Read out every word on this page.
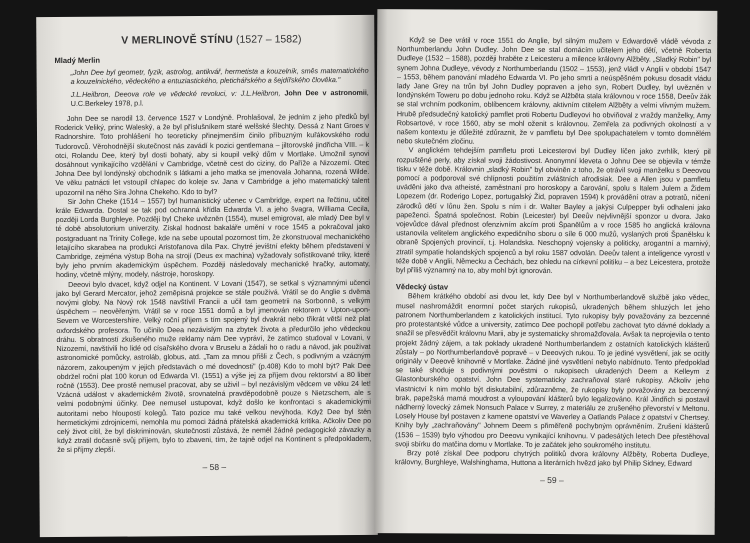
V MERLINOVĚ STÍNU (1527 – 1582)

Mladý Merlin

„John Dee byl geometr, fyzik, astrolog, antikvář, hermetista a kouzelník, směs matematického a kouzelnického, vědeckého a entuziastického, pletichářského a šejdířského člověka."

J.L.Heilbron, Deeova role ve vědecké revoluci, v: J.L.Heilbron, John Dee v astronomii, U.C.Berkeley 1978, p.l.

John Dee se narodil 13. července 1527 v Londýně. Prohlašoval, že jedním z jeho předků byl Roderick Veliký, princ Waleský, a že byl příslušníkem staré welšské šlechty. Dessá z Nant Groes v Radnorshire. Toto prohlášení ho teoreticky přinejmenším činilo příbuzným kuřákovského rodu Tudorovců. Věrohodnější skutečnost nás zavádí k pozici gentlemana – jiltorovské jindřicha VIII. – k otci, Rolandu Dee, který byl dosti bohatý, aby si koupil velký dům v Mortlake. Umožnil synovi dosáhnout vynikajícího vzdělání v Cambridge, včetně cest do ciziny, do Paříže a Nizozemí. Otec Johna Dee byl londýnský obchodník s látkami a jeho matka se jmenovala Johanna, rozená Wilde. Ve věku patnácti let vstoupil chlapec do koleje sv. Jana v Cambridge a jeho matematický talent upozornil na něho Sira Johna Chekeho. Kdo to byl?

Sir John Cheke (1514 – 1557) byl humanistický učenec v Cambridge, expert na řečtinu, učitel krále Edwarda. Dostal se tak pod ochranná křídla Edwarda VI. a jeho švagra, Williama Cecila, později Lorda Burghleye. Později byl Cheke uvězněn (1554), musel emigrovat, ale mladý Dee byl v té době absolutorium univerzity. Získal hodnost bakaláře umění v roce 1545 a pokračoval jako postgraduant na Trinity College, kde na sebe upoutal pozornost tím, že zkonstruoval mechanického letajícího skarabea na produkci Aristofanova díla Pax. Chytré jevištní efekty během představení v Cambridge, zejména výstup Boha na strojí (Deus ex machina) vyžadovaly sofistikované triky, které byly jeho prvním akademickým úspěchem. Později následovaly mechanické hračky, automaty, hodiny, včetně mlýny, modely, nástroje, horoskopy.

Deeovi bylo dvacet, když odjel na Kontinent. V Lovani (1547), se setkal s významnými učenci jako byl Gerard Mercator, jehož zeměpisná projekce se stále používá. Vrátil se do Anglie s dvěma novými globy. Na Nový rok 1548 navštívil Francii a učil tam geometrii na Sorbonně, s velkým úspěchem – neověřeným. Vrátil se v roce 1551 domů a byl jmenován rektorem v Upton-upon-Severn ve Worcestershire. Velký roční příjem s tím spojený byl dvakrát nebo třikrát větší než plat oxfordského profesora. To učinilo Deea nezávislým na zbytek života a předurčilo jeho vědeckou dráhu. S obratností zkušeného muže reklamy nám Dee vypráví, že zatímco studoval v Lovani, v Nizozemí, navštívili ho lidé od císařského dvora v Bruselu a žádali ho o radu a návod, jak používat astronomické pomůcky, astroláb, globus, atd. „Tam za mnou přišli z Čech, s podivným a vzácným názorem, zakoupeným v jejich představách o mé dovednosti" (p.408) Kdo to mohl být? Pak Dee obdržel roční plat 100 korun od Edwarda VI. (1551) a výše jej za příjem dvou rektorství a 80 liber ročně (1553). Dee prostě nemusel pracovat, aby se uživil – byl nezávislým vědcem ve věku 24 let! Vzácná událost v akademickém životě, srovnatelná pravděpodobně pouze s Nietzschem, ale s velmi podobnými účinky. Dee nemusel ustupovat, když došlo ke konfrontaci s akademickými autoritami nebo hloupostí kolegů. Tato pozice mu také velkou nevýhoda. Když Dee byl štěn hermetickými zdrojnicemi, nemohla mu pomoci žádná přátelská akademická kritika. Ačkoliv Dee po celý život cítil, že byl diskriminován, skutečností zůstává, že neměl žádné pedagogické závazky a když ztratil dočasně svůj příjem, bylo to zbaveni, tím, že tajně odjel na Kontinent s předpokladem, že si příjmy zlepší.

– 58 –

Když se Dee vrátil v roce 1551 do Anglie, byl silným mužem v Edwardově vládě vévoda z Northumberlandu John Dudley. John Dee se stal domácím učitelem jeho dětí, včetně Roberta Dudleye (1532 – 1588), později hraběte z Leicesteru a milence královny Alžběty. „Sladký Robin" byl synem Johna Dudleye, vévody z Northumberlandu (1502 – 1553), jenž vládl v Anglii v období 1547 – 1553, během panování mladého Edwarda VI. Po jeho smrti a neúspěšném pokusu dosadit vládu lady Jane Grey na trůn byl John Dudley popraven a jeho syn, Robert Dudley, byl uvězněn v londýnském Toweru po dobu jednoho roku. Když se Alžběta stala královnou v roce 1558, Deeův žák se stal vrchním podkoním, oblíbencem královny, aktivním ctitelem Alžběty a velmi vlivným mužem. Hrubě předsudečný katolický pamflet proti Robertu Dudleyovi ho obviňoval z vraždy manželky, Amy Robsartové, v roce 1560, aby se mohl oženit s královnou. Zemřela za podivných okolností a v našem kontextu je důležité zdůraznit, že v pamfletu byl Dee spolupachatelem v tomto domnělém nebo skutečném zločinu.

V anglickém tehdejším pamfletu proti Leicesterovi byl Dudley líčen jako zvrhlík, který pil rozpuštěné perly, aby získal svoji žádostivost. Anonymní kleveta o Johnu Dee se objevila v témže tisku v téže době. Královnin „sladký Robin" byl obviněn z toho, že otrávil svoji manželku s Deeovou pomocí a podporoval své chlípnosti použitím zvláštních afrodisiak. Dee a Allen jsou v pamfletu uváděni jako dva atheisté, zaměstnaní pro horoskopy a čarování, spolu s Italem Julem a Židem Lopezem (dr. Roderigo Lopez, portugalský Žid, popraven 1594) k provádění otrav a potratů, ničení zárodků dětí v lůnu žen. Spolu s ním i dr. Walter Bayley a jakýsi Culpepper byli odhaleni jako papeženci. Špatná společnost. Robin (Leicester) byl Deeův nejvlivnější sponzor u dvora. Jako vojevůdce dával přednost ofenzivním akcím proti Španělům a v roce 1585 ho anglická královna ustanovila velitelem anglického expedičního sboru o síle 6 000 mužů, vyslaných proti Španělsku k obraně Spojených provincií, t.j. Holandska. Neschopný vojensky a politicky, arogantní a marnivý, ztratil sympatie holandských spojenců a byl roku 1587 odvolán. Deeův talent a inteligence vyrostl v téže době v Anglii, Německu a Čechách, bez ohledu na církevní politiku – a bez Leicestera, protože byl příliš významný na to, aby mohl být ignorován.

Vědecký ústav

Během krátkého období asi dvou let, kdy Dee byl v Northumberlandově službě jako vědec, musel nashromáždit enormní počet starých rukopisů, ukradených během shluzých let jeho patronem Northumberlandem z katolických institucí. Tyto rukopisy byly považovány za bezcenné pro protestantské vůdce a university, zatímco Dee pochopil potřebu zachovat tyto dávné doklady a snažil se přesvědčit královnu Marii, aby je systematicky shromažďovala. Avšak ta neprojevila o tento projekt žádný zájem, a tak poklady ukradené Northumberlandem z ostatních katolických klášterů zůstaly – po Northumberlandově popravě – v Deeových rukou. To je jediné vysvětlení, jak se ocitly originály v Deeově knihovně v Mortlake. Žádné jiné vysvětlení nebylo nabídnuto. Tento předpoklad se také shoduje s podivnými pověstmi o rukopisech ukradených Deem a Kelleym z Glastonburského opatství. John Dee systematicky zachraňoval staré rukopisy. Ačkoliv jeho vlastnictví k nim mohlo být diskutabilní, zdůrazněme, že rukopisy byly považovány za bezcenný brak, papežská mamá moudrost a vyloupování klášterů bylo legalizováno. Král Jindřich si postavil nádherný lovecký zámek Nonsuch Palace v Surrey, z materiálu ze zrušeného převorství v Meltonu. Losely House byl postaven z kamene opatství ve Waverley a Oatlands Palace z opatství v Chertsey. Knihy byly „zachraňovány" Johnem Deem s přiměřeně pochybným oprávněním. Zrušení klášterů (1536 – 1539) bylo výhodou pro Deeovu vynikající knihovnu. V padesátých letech Dee přestěhoval svoji sbírku do matčina domu v Mortlake. To je začátek jeho soukromého institutu.

Brzy poté získal Dee podporu chytrých politiků dvora královny Alžběty, Roberta Dudleye, královny, Burghleye, Walshinghama, Huttona a literárních hvězd jako byl Philip Sidney, Edward

– 59 –
